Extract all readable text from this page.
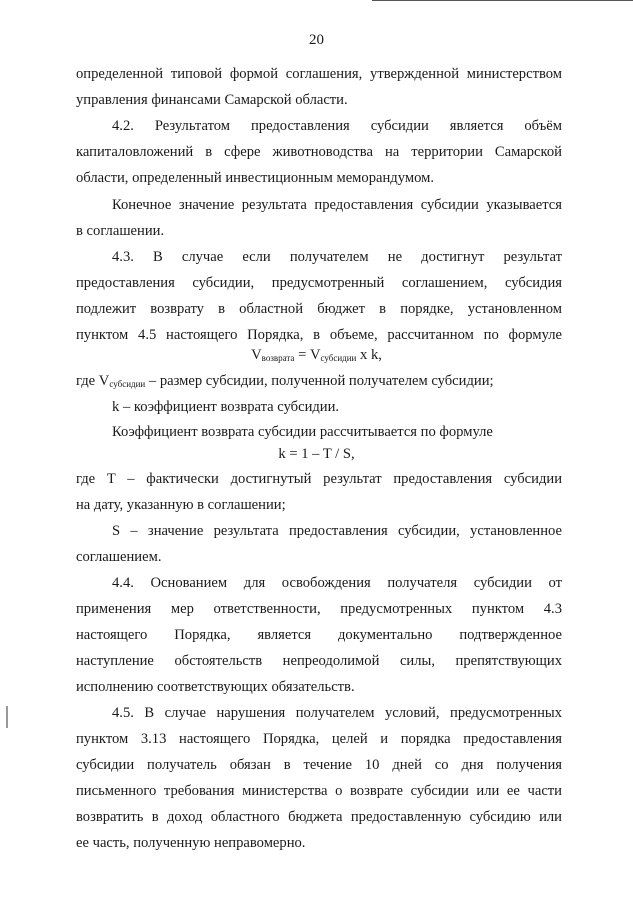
20
определенной типовой формой соглашения, утвержденной министерством
управления финансами Самарской области.
4.2. Результатом предоставления субсидии является объём
капиталовложений в сфере животноводства на территории Самарской
области, определенный инвестиционным меморандумом.
Конечное значение результата предоставления субсидии указывается
в соглашении.
4.3. В случае если получателем не достигнут результат
предоставления субсидии, предусмотренный соглашением, субсидия
подлежит возврату в областной бюджет в порядке, установленном
пунктом 4.5 настоящего Порядка, в объеме, рассчитанном по формуле
$V_{возврата} = V_{субсидии}$ x k,
где $V_{субсидии}$ – размер субсидии, полученной получателем субсидии;
k – коэффициент возврата субсидии.
Коэффициент возврата субсидии рассчитывается по формуле
k = 1 – T / S,
где T – фактически достигнутый результат предоставления субсидии
на дату, указанную в соглашении;
S – значение результата предоставления субсидии, установленное
соглашением.
4.4. Основанием для освобождения получателя субсидии от
применения мер ответственности, предусмотренных пунктом 4.3
настоящего Порядка, является документально подтвержденное
наступление обстоятельств непреодолимой силы, препятствующих
исполнению соответствующих обязательств.
4.5. В случае нарушения получателем условий, предусмотренных
пунктом 3.13 настоящего Порядка, целей и порядка предоставления
субсидии получатель обязан в течение 10 дней со дня получения
письменного требования министерства о возврате субсидии или ее части
возвратить в доход областного бюджета предоставленную субсидию или
ее часть, полученную неправомерно.
